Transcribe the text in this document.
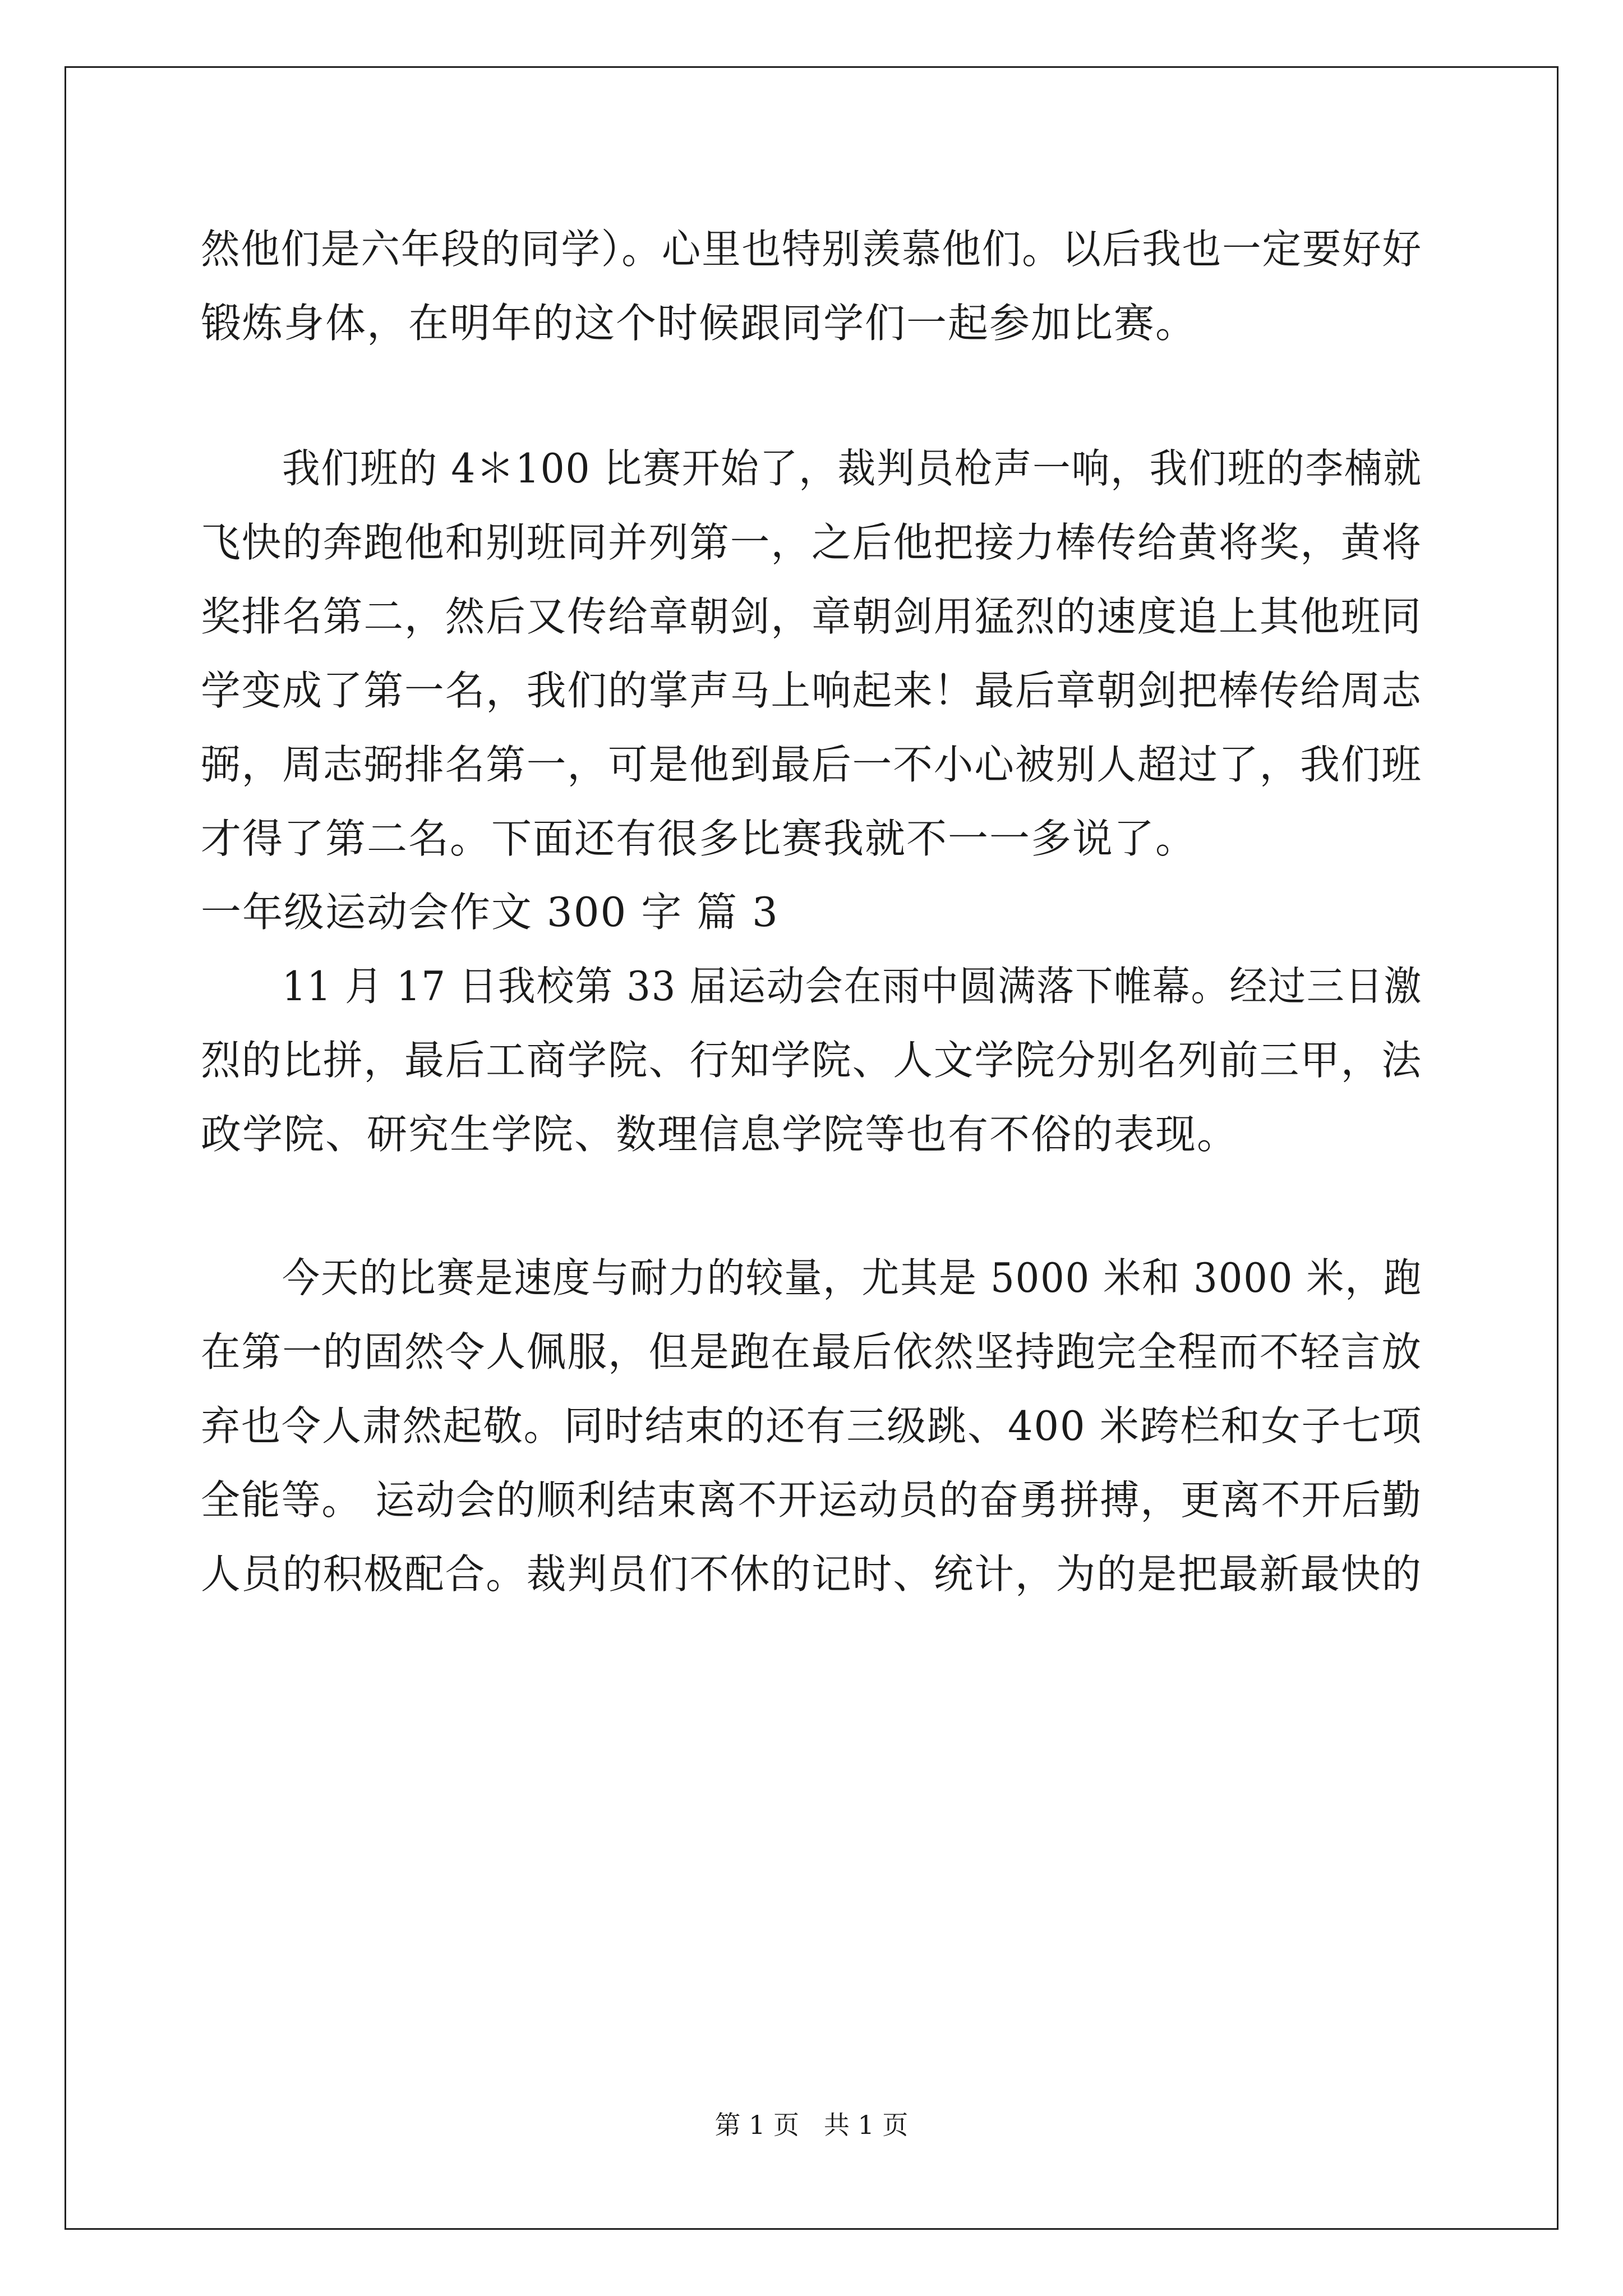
然他们是六年段的同学）。心里也特别羡慕他们。以后我也一定要好好
锻炼身体，在明年的这个时候跟同学们一起参加比赛。
我们班的 4＊100 比赛开始了，裁判员枪声一响，我们班的李楠就
飞快的奔跑他和别班同并列第一，之后他把接力棒传给黄将奖，黄将
奖排名第二，然后又传给章朝剑，章朝剑用猛烈的速度追上其他班同
学变成了第一名，我们的掌声马上响起来！最后章朝剑把棒传给周志
弼，周志弼排名第一，可是他到最后一不小心被别人超过了，我们班
才得了第二名。下面还有很多比赛我就不一一多说了。
一年级运动会作文 300 字 篇 3
11 月 17 日我校第 33 届运动会在雨中圆满落下帷幕。经过三日激
烈的比拼，最后工商学院、行知学院、人文学院分别名列前三甲，法
政学院、研究生学院、数理信息学院等也有不俗的表现。
今天的比赛是速度与耐力的较量，尤其是 5000 米和 3000 米，跑
在第一的固然令人佩服，但是跑在最后依然坚持跑完全程而不轻言放
弃也令人肃然起敬。同时结束的还有三级跳、400 米跨栏和女子七项
全能等。 运动会的顺利结束离不开运动员的奋勇拼搏，更离不开后勤
人员的积极配合。裁判员们不休的记时、统计，为的是把最新最快的
第 1 页   共 1 页
